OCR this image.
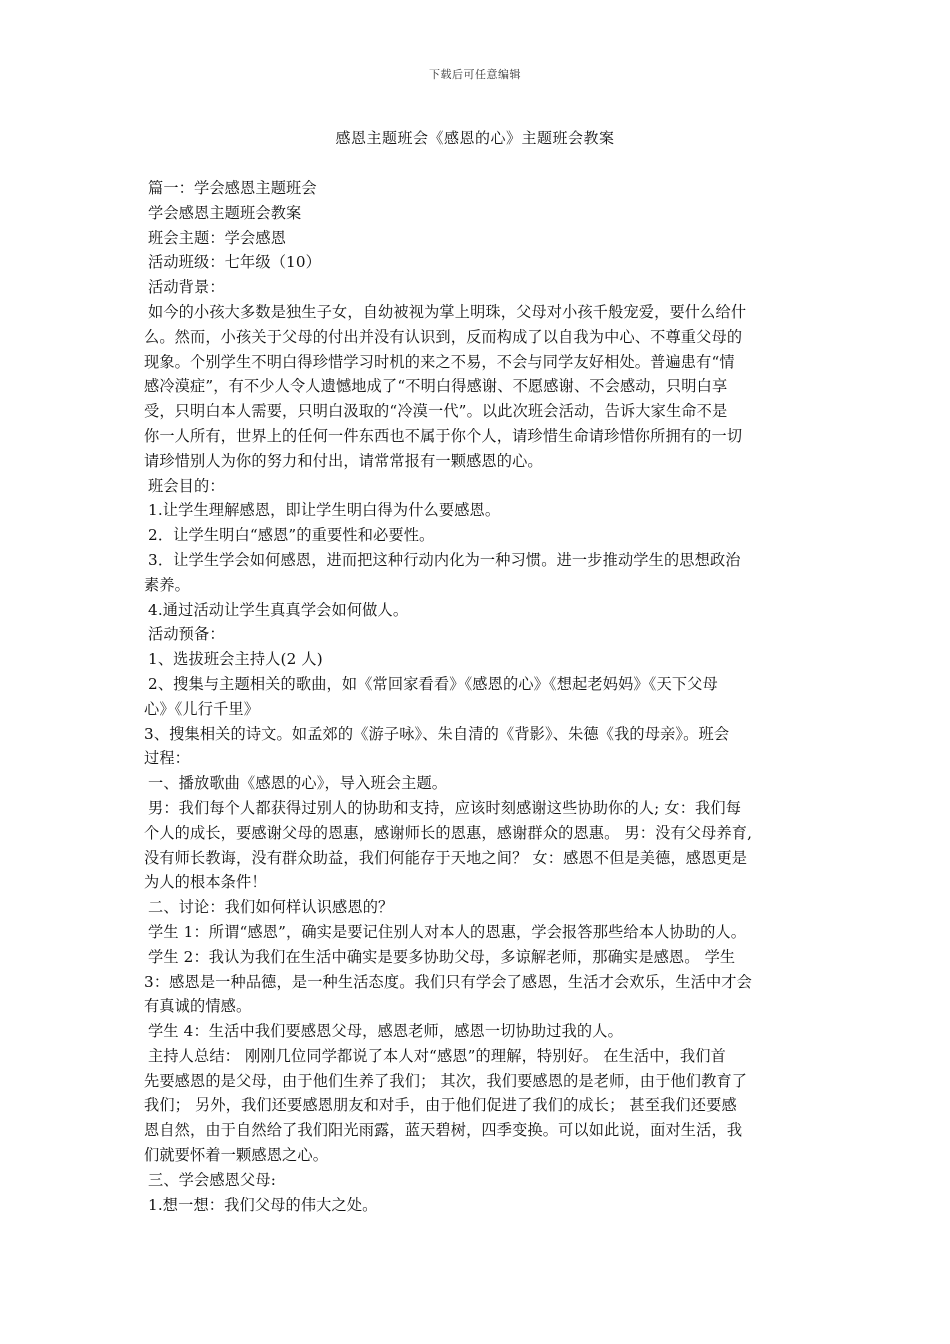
下载后可任意编辑
感恩主题班会《感恩的心》主题班会教案
篇一：学会感恩主题班会
学会感恩主题班会教案
班会主题：学会感恩
活动班级：七年级（10）
活动背景：
如今的小孩大多数是独生子女，自幼被视为掌上明珠，父母对小孩千般宠爱，要什么给什
么。然而，小孩关于父母的付出并没有认识到，反而构成了以自我为中心、不尊重父母的
现象。个别学生不明白得珍惜学习时机的来之不易，不会与同学友好相处。普遍患有“情
感冷漠症”，有不少人令人遗憾地成了“不明白得感谢、不愿感谢、不会感动，只明白享
受，只明白本人需要，只明白汲取的“冷漠一代”。以此次班会活动，告诉大家生命不是
你一人所有，世界上的任何一件东西也不属于你个人，请珍惜生命请珍惜你所拥有的一切
请珍惜别人为你的努力和付出，请常常报有一颗感恩的心。
班会目的：
1.让学生理解感恩，即让学生明白得为什么要感恩。
2．让学生明白“感恩”的重要性和必要性。
3．让学生学会如何感恩，进而把这种行动内化为一种习惯。进一步推动学生的思想政治
素养。
4.通过活动让学生真真学会如何做人。
活动预备：
1、选拔班会主持人(2 人)
2、搜集与主题相关的歌曲，如《常回家看看》《感恩的心》《想起老妈妈》《天下父母
心》《儿行千里》
3、搜集相关的诗文。如孟郊的《游子咏》、朱自清的《背影》、朱德《我的母亲》。班会
过程：
一、播放歌曲《感恩的心》，导入班会主题。
男：我们每个人都获得过别人的协助和支持，应该时刻感谢这些协助你的人; 女：我们每
个人的成长，要感谢父母的恩惠，感谢师长的恩惠，感谢群众的恩惠。 男：没有父母养育,
没有师长教诲，没有群众助益，我们何能存于天地之间？ 女：感恩不但是美德，感恩更是
为人的根本条件！
二、讨论：我们如何样认识感恩的？
学生 1：所谓“感恩”，确实是要记住别人对本人的恩惠，学会报答那些给本人协助的人。
学生 2：我认为我们在生活中确实是要多协助父母，多谅解老师，那确实是感恩。 学生
3：感恩是一种品德，是一种生活态度。我们只有学会了感恩，生活才会欢乐，生活中才会
有真诚的情感。
学生 4：生活中我们要感恩父母，感恩老师，感恩一切协助过我的人。
主持人总结： 刚刚几位同学都说了本人对“感恩”的理解，特别好。 在生活中，我们首
先要感恩的是父母，由于他们生养了我们； 其次，我们要感恩的是老师，由于他们教育了
我们； 另外，我们还要感恩朋友和对手，由于他们促进了我们的成长； 甚至我们还要感
恩自然，由于自然给了我们阳光雨露，蓝天碧树，四季变换。可以如此说，面对生活，我
们就要怀着一颗感恩之心。
三、学会感恩父母:
1.想一想：我们父母的伟大之处。
